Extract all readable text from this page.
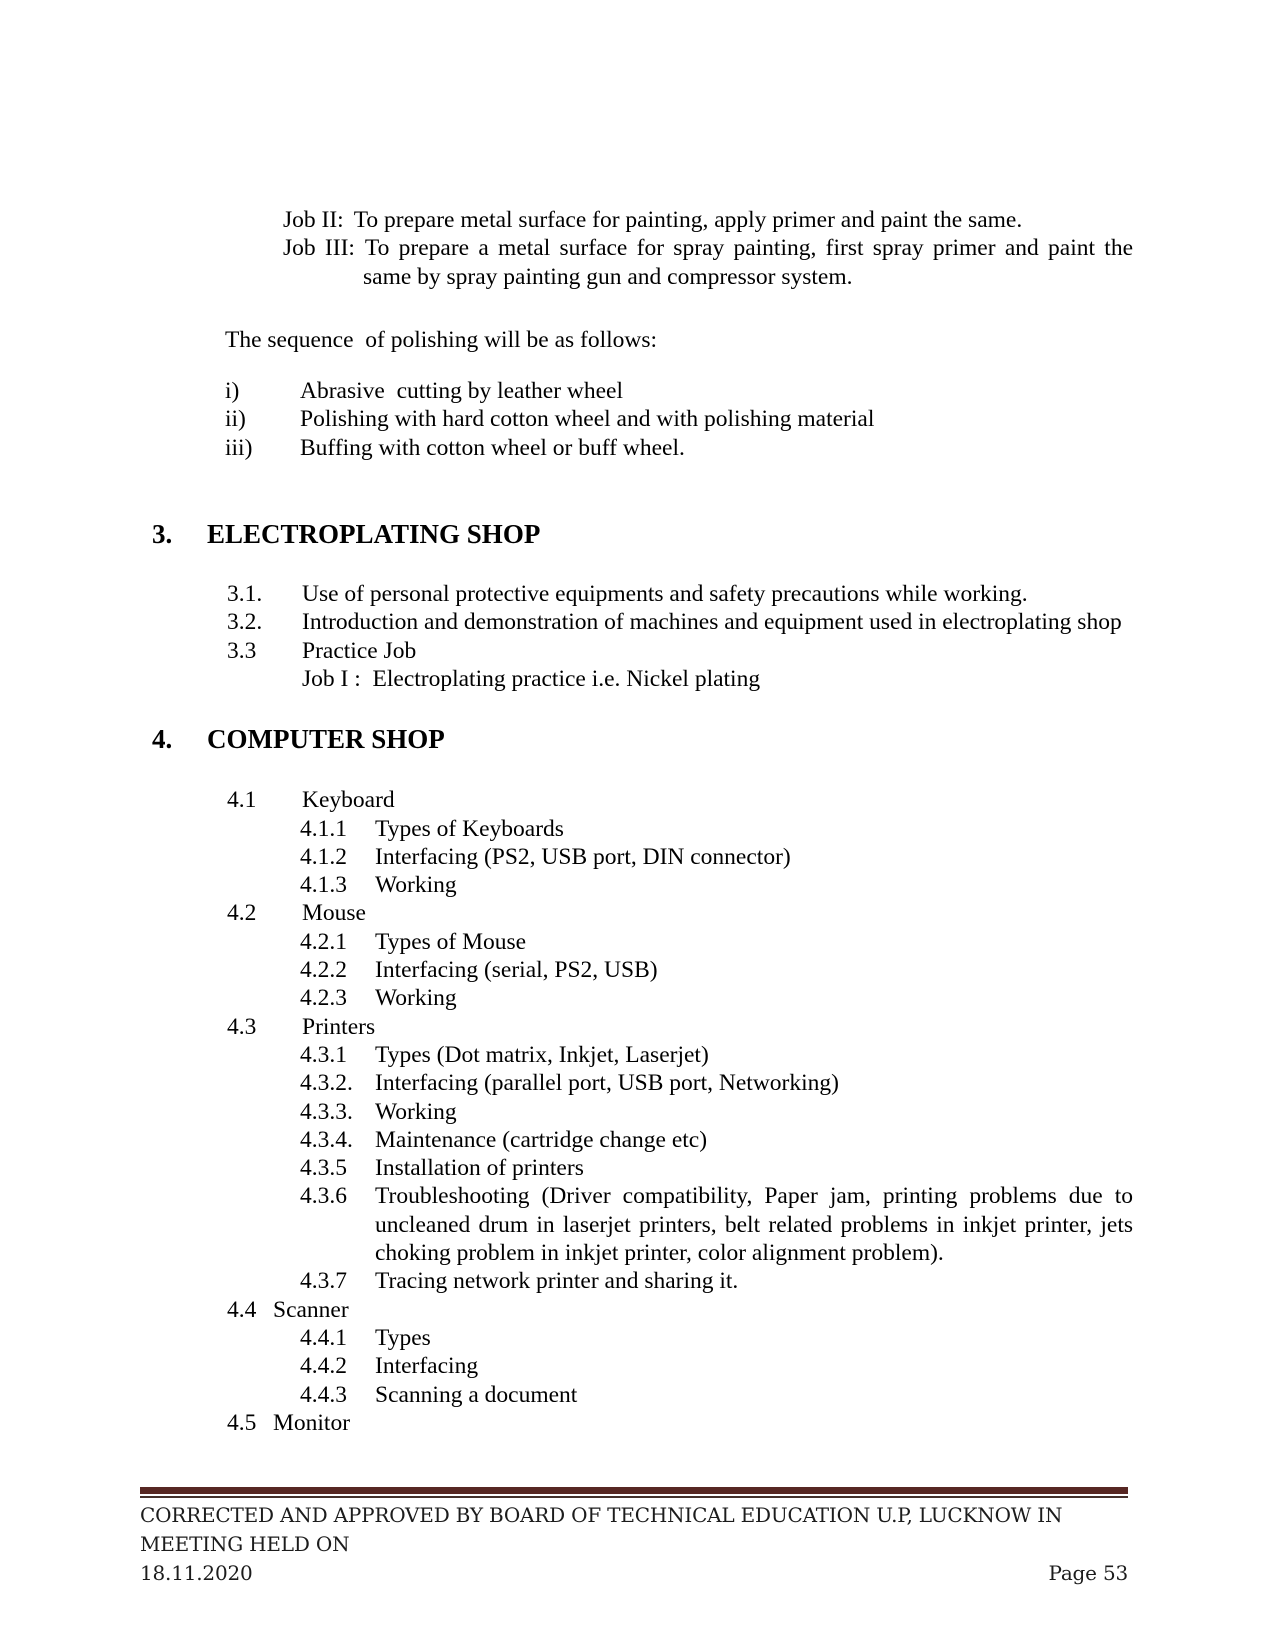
Job II: To prepare metal surface for painting, apply primer and paint the same.

Job III: To prepare a metal surface for spray painting, first spray primer and paint the same by spray painting gun and compressor system.

The sequence  of polishing will be as follows:

i)	Abrasive  cutting by leather wheel
ii)	Polishing with hard cotton wheel and with polishing material
iii)	Buffing with cotton wheel or buff wheel.
3.	ELECTROPLATING SHOP
3.1.	Use of personal protective equipments and safety precautions while working.
3.2.	Introduction and demonstration of machines and equipment used in electroplating shop
3.3	Practice Job
Job I :  Electroplating practice i.e. Nickel plating
4.	COMPUTER SHOP
4.1	Keyboard
4.1.1	Types of Keyboards
4.1.2	Interfacing (PS2, USB port, DIN connector)
4.1.3	Working
4.2	Mouse
4.2.1	Types of Mouse
4.2.2	Interfacing (serial, PS2, USB)
4.2.3	Working
4.3	Printers
4.3.1	Types (Dot matrix, Inkjet, Laserjet)
4.3.2. Interfacing (parallel port, USB port, Networking)
4.3.3. Working
4.3.4. Maintenance (cartridge change etc)
4.3.5	Installation of printers
4.3.6	Troubleshooting (Driver compatibility, Paper jam, printing problems due to uncleaned drum in laserjet printers, belt related problems in inkjet printer, jets choking problem in inkjet printer, color alignment problem).
4.3.7	Tracing network printer and sharing it.
4.4 Scanner
4.4.1	Types
4.4.2	Interfacing
4.4.3	Scanning a document
4.5 Monitor
CORRECTED AND APPROVED BY BOARD OF TECHNICAL EDUCATION U.P, LUCKNOW IN MEETING HELD ON
18.11.2020	Page 53
